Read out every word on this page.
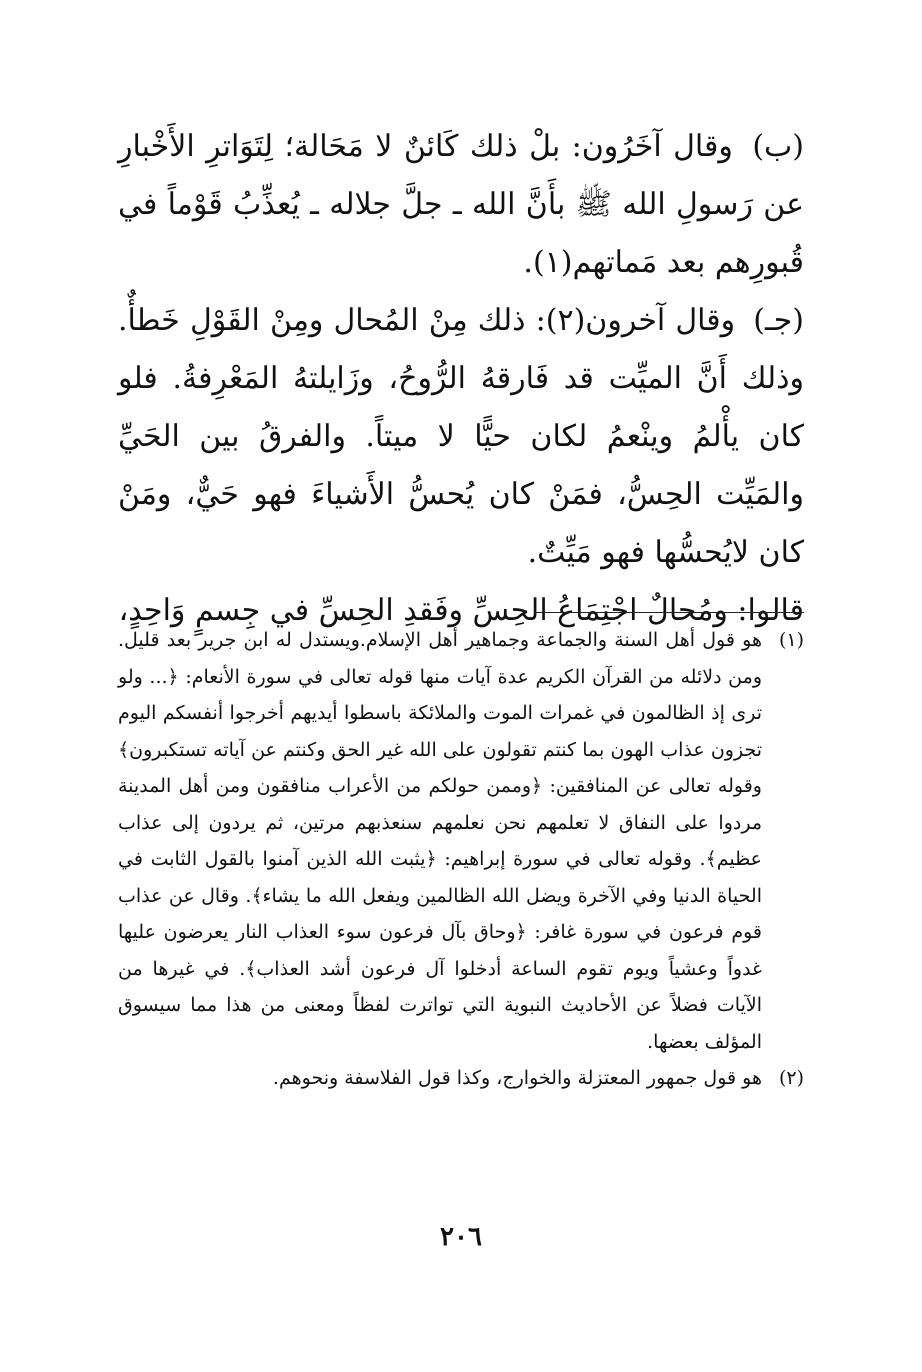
(ب) وقال آخَرُون: بلْ ذلك كَائنٌ لا مَحَالة؛ لِتَوَاترِ الأَخْبارِ عن رَسولِ الله ﷺ بأَنَّ الله ـ جلَّ جلاله ـ يُعذِّبُ قَوْماً في قُبورِهم بعد مَماتهم(١).

(جـ) وقال آخرون(٢): ذلك مِنْ المُحال ومِنْ القَوْلِ خَطأٌ. وذلك أَنَّ الميِّت قد فَارقهُ الرُّوحُ، وزَايلتهُ المَعْرِفةُ. فلو كان يأْلمُ وينْعمُ لكان حيًّا لا ميتاً. والفرقُ بين الحَيِّ والمَيِّت الحِسُّ، فمَنْ كان يُحسُّ الأَشياءَ فهو حَيٌّ، ومَنْ كان لايُحسُّها فهو مَيِّتٌ.

قالوا: ومُحالٌ اجْتِمَاعُ الحِسِّ وفَقدِ الحِسِّ في جِسمٍ وَاحِدٍ،

(١)
هو قول أهل السنة والجماعة وجماهير أهل الإسلام.ويستدل له ابن جرير بعد قليل. ومن دلائله من القرآن الكريم عدة آيات منها قوله تعالى في سورة الأنعام: ﴿... ولو ترى إذ الظالمون في غمرات الموت والملائكة باسطوا أيديهم أخرجوا أنفسكم اليوم تجزون عذاب الهون بما كنتم تقولون على الله غير الحق وكنتم عن آياته تستكبرون﴾ وقوله تعالى عن المنافقين: ﴿وممن حولكم من الأعراب منافقون ومن أهل المدينة مردوا على النفاق لا تعلمهم نحن نعلمهم سنعذبهم مرتين، ثم يردون إلى عذاب عظيم﴾. وقوله تعالى في سورة إبراهيم: ﴿يثبت الله الذين آمنوا بالقول الثابت في الحياة الدنيا وفي الآخرة ويضل الله الظالمين ويفعل الله ما يشاء﴾. وقال عن عذاب قوم فرعون في سورة غافر: ﴿وحاق بآل فرعون سوء العذاب النار يعرضون عليها غدواً وعشياً ويوم تقوم الساعة أدخلوا آل فرعون أشد العذاب﴾. في غيرها من الآيات فضلاً عن الأحاديث النبوية التي تواترت لفظاً ومعنى من هذا مما سيسوق المؤلف بعضها.
(٢)
هو قول جمهور المعتزلة والخوارج، وكذا قول الفلاسفة ونحوهم.
٢٠٦
